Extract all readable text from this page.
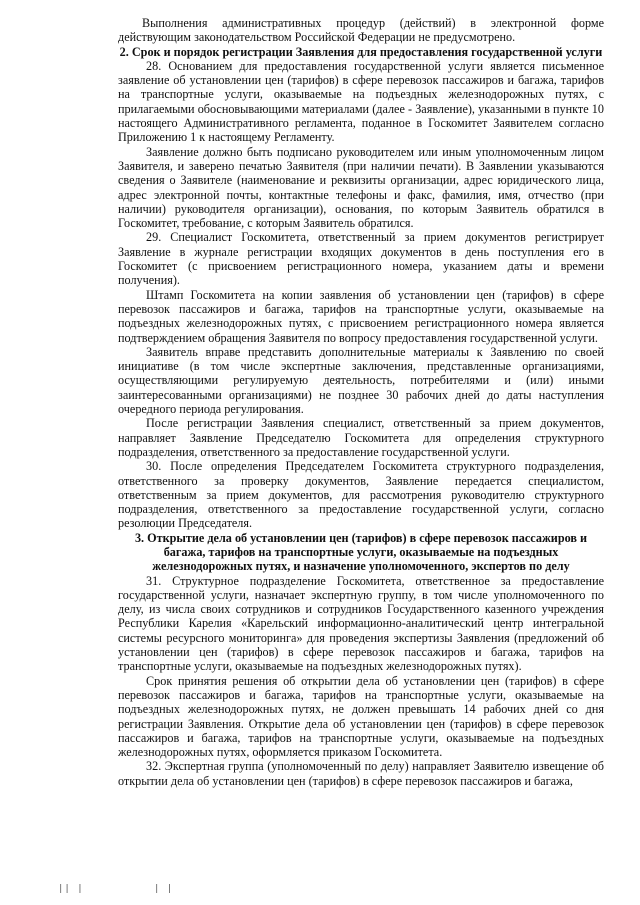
Выполнения административных процедур (действий) в электронной форме действующим законодательством Российской Федерации не предусмотрено.

2. Срок и порядок регистрации Заявления для предоставления государственной услуги

28. Основанием для предоставления государственной услуги является письменное заявление об установлении цен (тарифов) в сфере перевозок пассажиров и багажа, тарифов на транспортные услуги, оказываемые на подъездных железнодорожных путях, с прилагаемыми обосновывающими материалами (далее - Заявление), указанными в пункте 10 настоящего Административного регламента, поданное в Госкомитет Заявителем согласно Приложению 1 к настоящему Регламенту.

Заявление должно быть подписано руководителем или иным уполномоченным лицом Заявителя, и заверено печатью Заявителя (при наличии печати). В Заявлении указываются сведения о Заявителе (наименование и реквизиты организации, адрес юридического лица, адрес электронной почты, контактные телефоны и факс, фамилия, имя, отчество (при наличии) руководителя организации), основания, по которым Заявитель обратился в Госкомитет, требование, с которым Заявитель обратился.

29. Специалист Госкомитета, ответственный за прием документов регистрирует Заявление в журнале регистрации входящих документов в день поступления его в Госкомитет (с присвоением регистрационного номера, указанием даты и времени получения).

Штамп Госкомитета на копии заявления об установлении цен (тарифов) в сфере перевозок пассажиров и багажа, тарифов на транспортные услуги, оказываемые на подъездных железнодорожных путях, с присвоением регистрационного номера является подтверждением обращения Заявителя по вопросу предоставления государственной услуги.

Заявитель вправе представить дополнительные материалы к Заявлению по своей инициативе (в том числе экспертные заключения, представленные организациями, осуществляющими регулируемую деятельность, потребителями и (или) иными заинтересованными организациями) не позднее 30 рабочих дней до даты наступления очередного периода регулирования.

После регистрации Заявления специалист, ответственный за прием документов, направляет Заявление Председателю Госкомитета для определения структурного подразделения, ответственного за предоставление государственной услуги.

30. После определения Председателем Госкомитета структурного подразделения, ответственного за проверку документов, Заявление передается специалистом, ответственным за прием документов, для рассмотрения руководителю структурного подразделения, ответственного за предоставление государственной услуги, согласно резолюции Председателя.

3. Открытие дела об установлении цен (тарифов) в сфере перевозок пассажиров и багажа, тарифов на транспортные услуги, оказываемые на подъездных железнодорожных путях, и назначение уполномоченного, экспертов по делу

31. Структурное подразделение Госкомитета, ответственное за предоставление государственной услуги, назначает экспертную группу, в том числе уполномоченного по делу, из числа своих сотрудников и сотрудников Государственного казенного учреждения Республики Карелия «Карельский информационно-аналитический центр интегральной системы ресурсного мониторинга» для проведения экспертизы Заявления (предложений об установлении цен (тарифов) в сфере перевозок пассажиров и багажа, тарифов на транспортные услуги, оказываемые на подъездных железнодорожных путях).

Срок принятия решения об открытии дела об установлении цен (тарифов) в сфере перевозок пассажиров и багажа, тарифов на транспортные услуги, оказываемые на подъездных железнодорожных путях, не должен превышать 14 рабочих дней со дня регистрации Заявления. Открытие дела об установлении цен (тарифов) в сфере перевозок пассажиров и багажа, тарифов на транспортные услуги, оказываемые на подъездных железнодорожных путях, оформляется приказом Госкомитета.

32. Экспертная группа (уполномоченный по делу) направляет Заявителю извещение об открытии дела об установлении цен (тарифов) в сфере перевозок пассажиров и багажа,

|| |	| |
